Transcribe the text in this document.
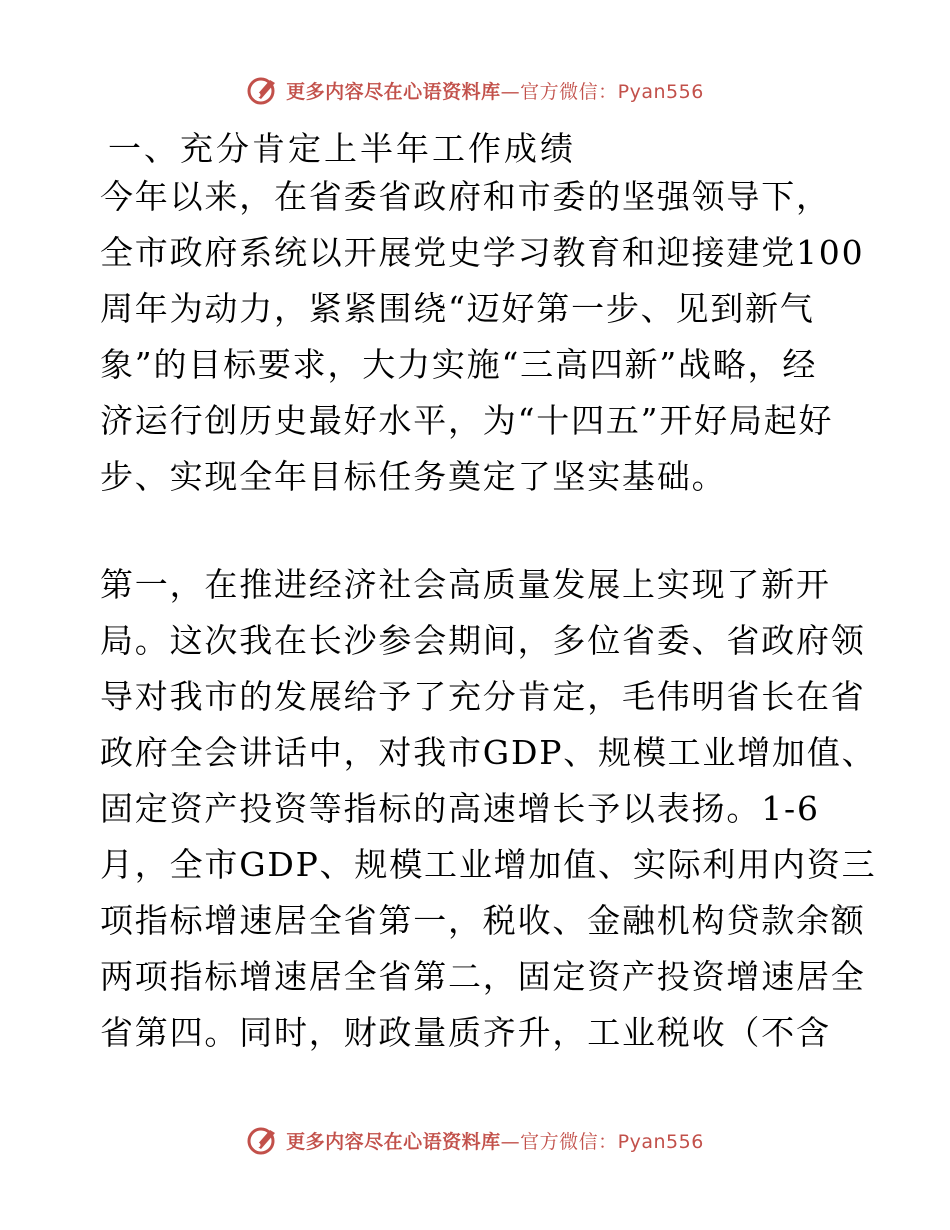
更多内容尽在心语资料库—官方微信：Pyan556
一、充分肯定上半年工作成绩
今年以来，在省委省政府和市委的坚强领导下，
全市政府系统以开展党史学习教育和迎接建党100
周年为动力，紧紧围绕“迈好第一步、见到新气
象”的目标要求，大力实施“三高四新”战略，经
济运行创历史最好水平，为“十四五”开好局起好
步、实现全年目标任务奠定了坚实基础。
第一，在推进经济社会高质量发展上实现了新开
局。这次我在长沙参会期间，多位省委、省政府领
导对我市的发展给予了充分肯定，毛伟明省长在省
政府全会讲话中，对我市GDP、规模工业增加值、
固定资产投资等指标的高速增长予以表扬。1-6
月，全市GDP、规模工业增加值、实际利用内资三
项指标增速居全省第一，税收、金融机构贷款余额
两项指标增速居全省第二，固定资产投资增速居全
省第四。同时，财政量质齐升，工业税收（不含
更多内容尽在心语资料库—官方微信：Pyan556
